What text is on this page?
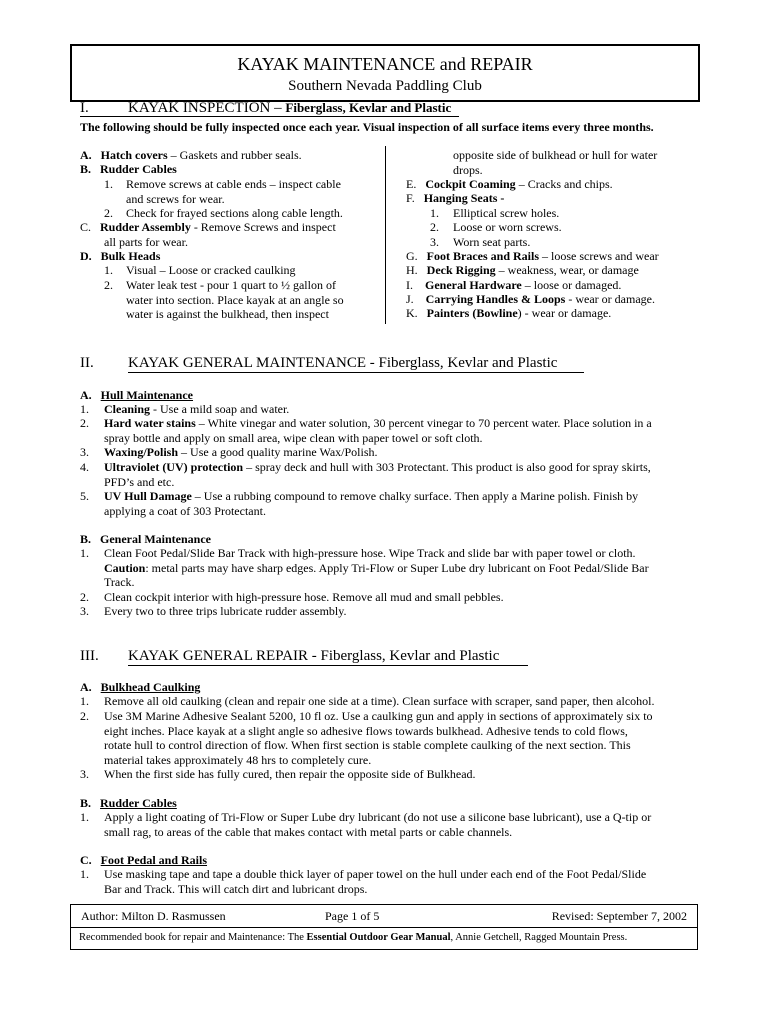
KAYAK MAINTENANCE and REPAIR
Southern Nevada Paddling Club
I.	KAYAK INSPECTION – Fiberglass, Kevlar and Plastic
The following should be fully inspected once each year. Visual inspection of all surface items every three months.
A. Hatch covers – Gaskets and rubber seals.
B. Rudder Cables
1. Remove screws at cable ends – inspect cable
and screws for wear.
2. Check for frayed sections along cable length.
C. Rudder Assembly - Remove Screws and inspect
all parts for wear.
D. Bulk Heads
1. Visual – Loose or cracked caulking
2. Water leak test - pour 1 quart to ½ gallon of
water into section. Place kayak at an angle so
water is against the bulkhead, then inspect
opposite side of bulkhead or hull for water
drops.
E. Cockpit Coaming – Cracks and chips.
F. Hanging Seats -
1. Elliptical screw holes.
2. Loose or worn screws.
3. Worn seat parts.
G. Foot Braces and Rails – loose screws and wear
H. Deck Rigging – weakness, wear, or damage
I. General Hardware – loose or damaged.
J. Carrying Handles & Loops - wear or damage.
K. Painters (Bowline) - wear or damage.
II. KAYAK GENERAL MAINTENANCE - Fiberglass, Kevlar and Plastic
A. Hull Maintenance
1. Cleaning - Use a mild soap and water.
2. Hard water stains – White vinegar and water solution, 30 percent vinegar to 70 percent water. Place solution in a
spray bottle and apply on small area, wipe clean with paper towel or soft cloth.
3. Waxing/Polish – Use a good quality marine Wax/Polish.
4. Ultraviolet (UV) protection – spray deck and hull with 303 Protectant. This product is also good for spray skirts,
PFD’s and etc.
5. UV Hull Damage – Use a rubbing compound to remove chalky surface. Then apply a Marine polish. Finish by
applying a coat of 303 Protectant.
B. General Maintenance
1. Clean Foot Pedal/Slide Bar Track with high-pressure hose. Wipe Track and slide bar with paper towel or cloth.
Caution: metal parts may have sharp edges. Apply Tri-Flow or Super Lube dry lubricant on Foot Pedal/Slide Bar
Track.
2. Clean cockpit interior with high-pressure hose. Remove all mud and small pebbles.
3. Every two to three trips lubricate rudder assembly.
III. KAYAK GENERAL REPAIR - Fiberglass, Kevlar and Plastic
A. Bulkhead Caulking
1. Remove all old caulking (clean and repair one side at a time). Clean surface with scraper, sand paper, then alcohol.
2. Use 3M Marine Adhesive Sealant 5200, 10 fl oz. Use a caulking gun and apply in sections of approximately six to
eight inches. Place kayak at a slight angle so adhesive flows towards bulkhead. Adhesive tends to cold flows,
rotate hull to control direction of flow. When first section is stable complete caulking of the next section. This
material takes approximately 48 hrs to completely cure.
3. When the first side has fully cured, then repair the opposite side of Bulkhead.
B. Rudder Cables
1. Apply a light coating of Tri-Flow or Super Lube dry lubricant (do not use a silicone base lubricant), use a Q-tip or
small rag, to areas of the cable that makes contact with metal parts or cable channels.
C. Foot Pedal and Rails
1. Use masking tape and tape a double thick layer of paper towel on the hull under each end of the Foot Pedal/Slide
Bar and Track. This will catch dirt and lubricant drops.
Author: Milton D. Rasmussen	Page 1 of 5	Revised: September 7, 2002
Recommended book for repair and Maintenance: The Essential Outdoor Gear Manual, Annie Getchell, Ragged Mountain Press.
